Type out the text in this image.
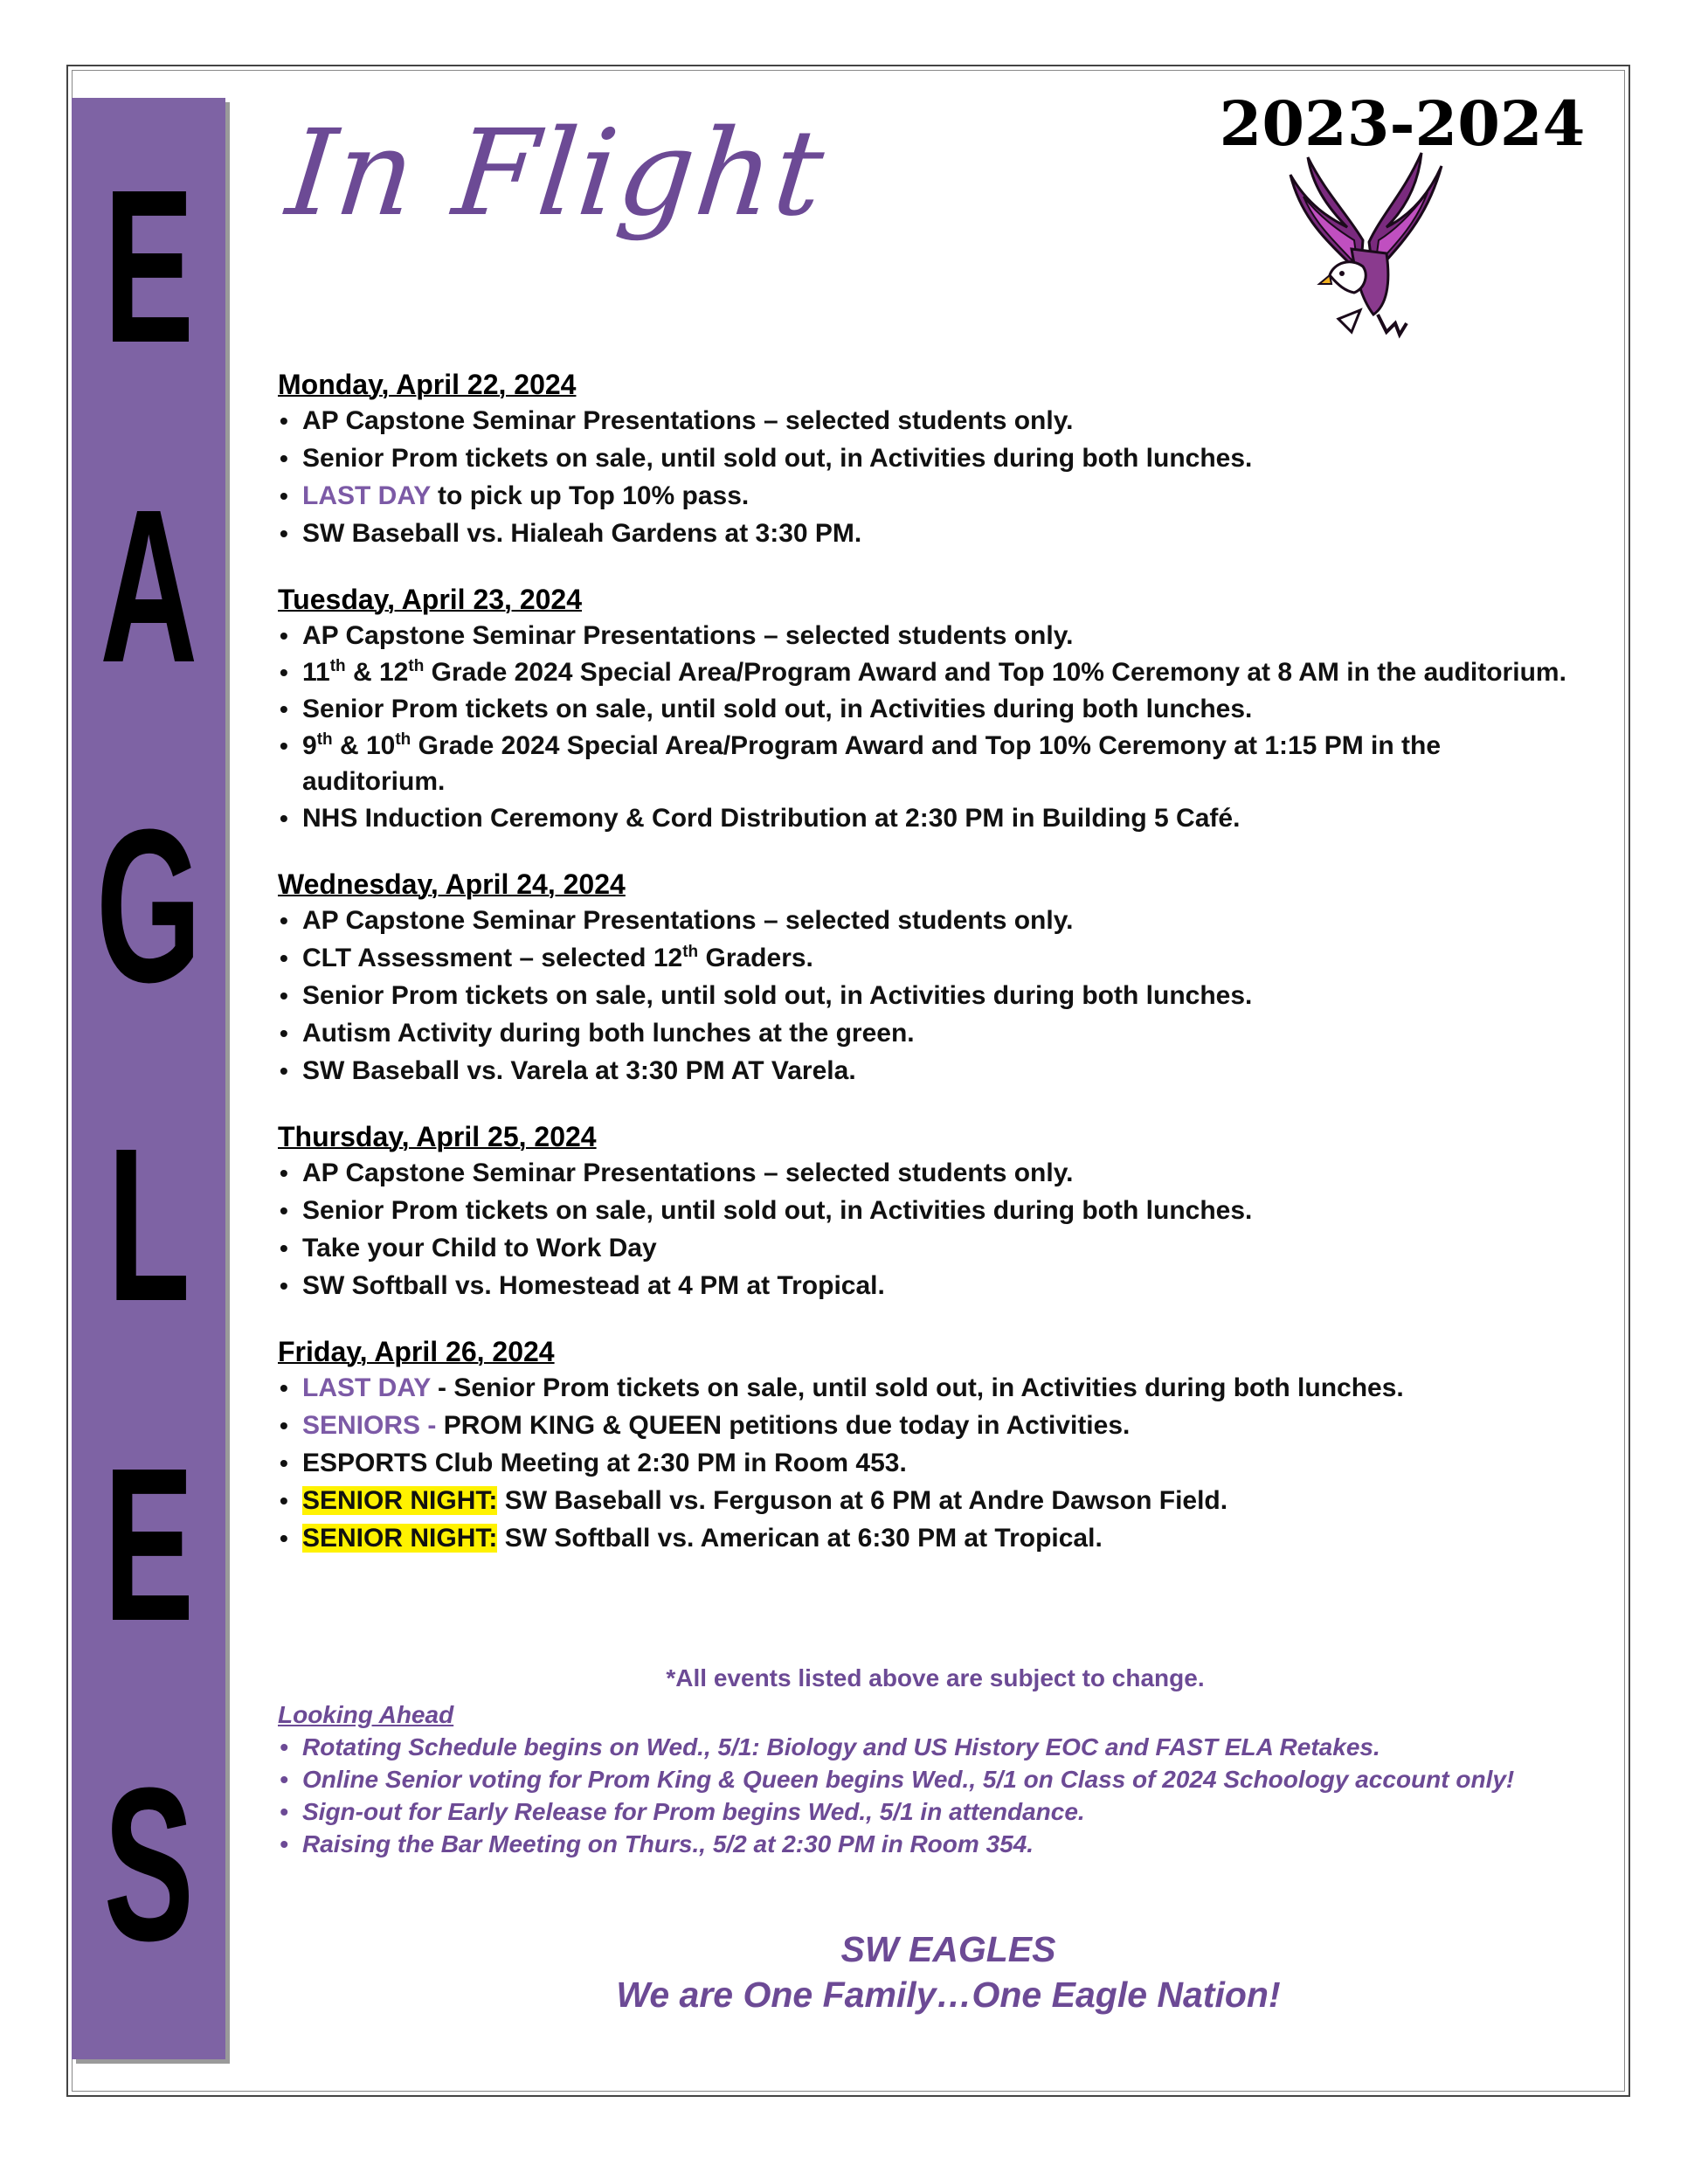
E
A
G
L
E
S
In Flight	2023-2024
Monday, April 22, 2024
• AP Capstone Seminar Presentations – selected students only.
• Senior Prom tickets on sale, until sold out, in Activities during both lunches.
• LAST DAY to pick up Top 10% pass.
• SW Baseball vs. Hialeah Gardens at 3:30 PM.
Tuesday, April 23, 2024
• AP Capstone Seminar Presentations – selected students only.
• 11th & 12th Grade 2024 Special Area/Program Award and Top 10% Ceremony at 8 AM in the auditorium.
• Senior Prom tickets on sale, until sold out, in Activities during both lunches.
• 9th & 10th Grade 2024 Special Area/Program Award and Top 10% Ceremony at 1:15 PM in the auditorium.
• NHS Induction Ceremony & Cord Distribution at 2:30 PM in Building 5 Café.
Wednesday, April 24, 2024
• AP Capstone Seminar Presentations – selected students only.
• CLT Assessment – selected 12th Graders.
• Senior Prom tickets on sale, until sold out, in Activities during both lunches.
• Autism Activity during both lunches at the green.
• SW Baseball vs. Varela at 3:30 PM AT Varela.
Thursday, April 25, 2024
• AP Capstone Seminar Presentations – selected students only.
• Senior Prom tickets on sale, until sold out, in Activities during both lunches.
• Take your Child to Work Day
• SW Softball vs. Homestead at 4 PM at Tropical.
Friday, April 26, 2024
• LAST DAY - Senior Prom tickets on sale, until sold out, in Activities during both lunches.
• SENIORS - PROM KING & QUEEN petitions due today in Activities.
• ESPORTS Club Meeting at 2:30 PM in Room 453.
• SENIOR NIGHT: SW Baseball vs. Ferguson at 6 PM at Andre Dawson Field.
• SENIOR NIGHT: SW Softball vs. American at 6:30 PM at Tropical.
*All events listed above are subject to change.
Looking Ahead
• Rotating Schedule begins on Wed., 5/1: Biology and US History EOC and FAST ELA Retakes.
• Online Senior voting for Prom King & Queen begins Wed., 5/1 on Class of 2024 Schoology account only!
• Sign-out for Early Release for Prom begins Wed., 5/1 in attendance.
• Raising the Bar Meeting on Thurs., 5/2 at 2:30 PM in Room 354.
SW EAGLES
We are One Family…One Eagle Nation!
